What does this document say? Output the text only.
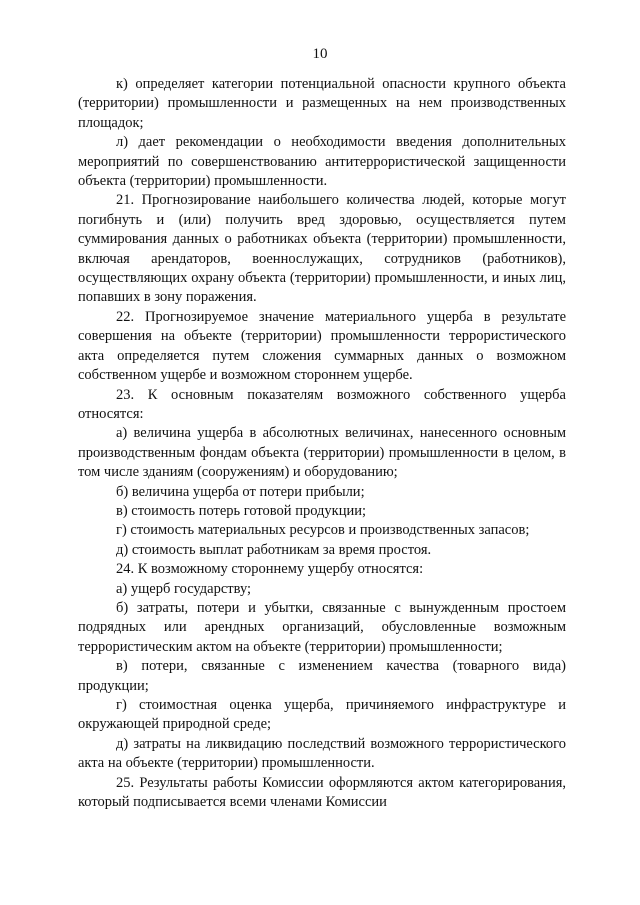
10

к) определяет категории потенциальной опасности крупного объекта (территории) промышленности и размещенных на нем производственных площадок;

л) дает рекомендации о необходимости введения дополнительных мероприятий по совершенствованию антитеррористической защищенности объекта (территории) промышленности.

21. Прогнозирование наибольшего количества людей, которые могут погибнуть и (или) получить вред здоровью, осуществляется путем суммирования данных о работниках объекта (территории) промышленности, включая арендаторов, военнослужащих, сотрудников (работников), осуществляющих охрану объекта (территории) промышленности, и иных лиц, попавших в зону поражения.

22. Прогнозируемое значение материального ущерба в результате совершения на объекте (территории) промышленности террористического акта определяется путем сложения суммарных данных о возможном собственном ущербе и возможном стороннем ущербе.

23. К основным показателям возможного собственного ущерба относятся:

а) величина ущерба в абсолютных величинах, нанесенного основным производственным фондам объекта (территории) промышленности в целом, в том числе зданиям (сооружениям) и оборудованию;

б) величина ущерба от потери прибыли;

в) стоимость потерь готовой продукции;

г) стоимость материальных ресурсов и производственных запасов;

д) стоимость выплат работникам за время простоя.

24. К возможному стороннему ущербу относятся:

а) ущерб государству;

б) затраты, потери и убытки, связанные с вынужденным простоем подрядных или арендных организаций, обусловленные возможным террористическим актом на объекте (территории) промышленности;

в) потери, связанные с изменением качества (товарного вида) продукции;

г) стоимостная оценка ущерба, причиняемого инфраструктуре и окружающей природной среде;

д) затраты на ликвидацию последствий возможного террористического акта на объекте (территории) промышленности.

25. Результаты работы Комиссии оформляются актом категорирования, который подписывается всеми членами Комиссии
